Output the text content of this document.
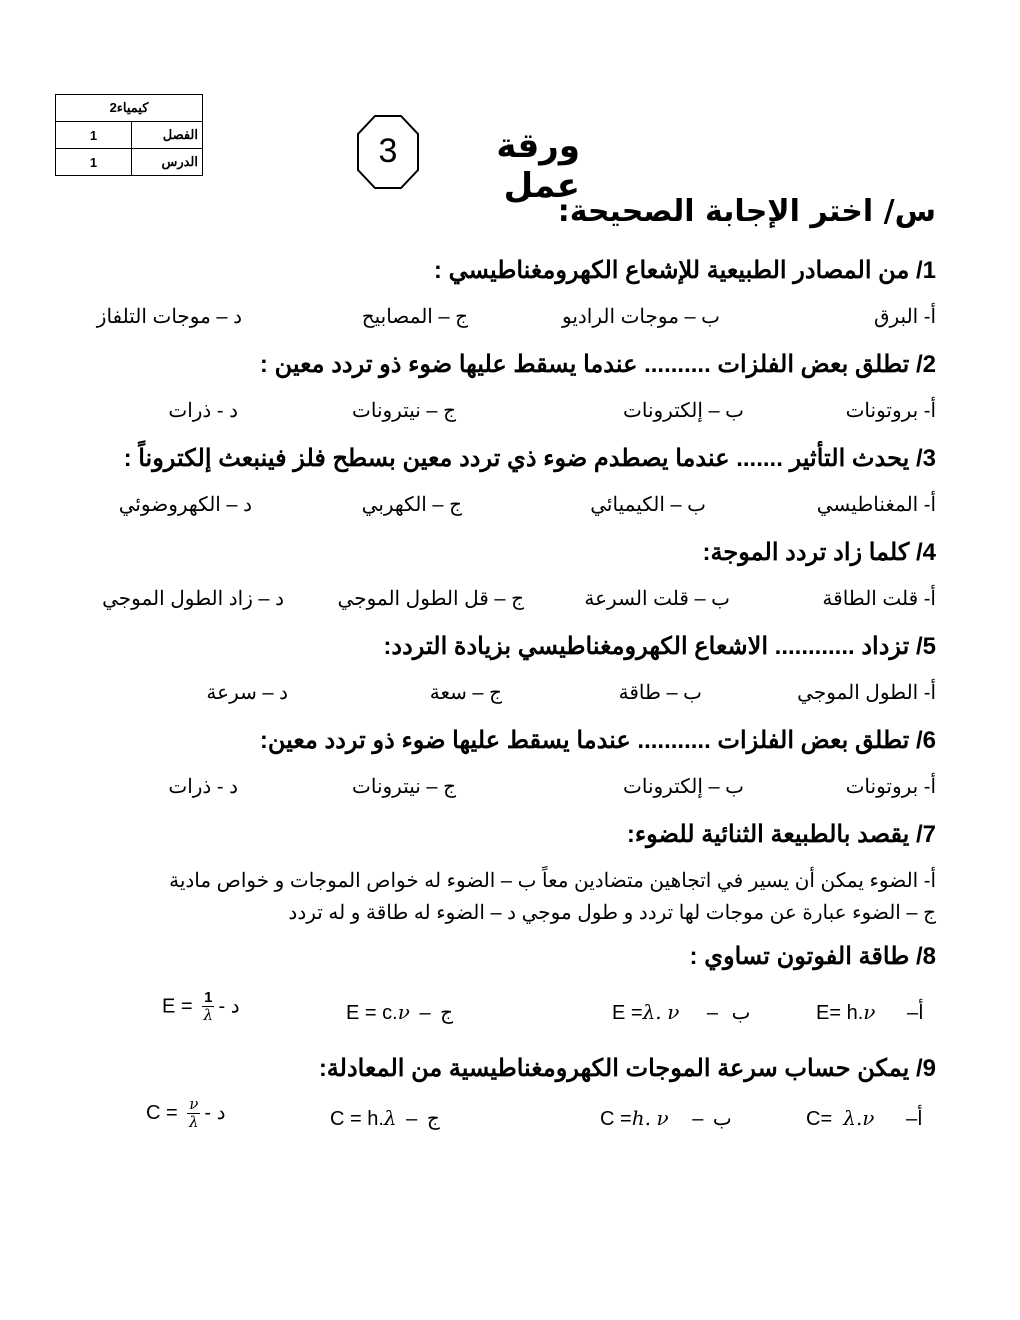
2كيمياء	
1	الفصل
1	الدرس	3	ورقة عمل
س/ اختر الإجابة الصحيحة:
1/ من المصادر الطبيعية للإشعاع الكهرومغناطيسي :
أ- البرق
ب – موجات الراديو
ج – المصابيح
د – موجات التلفاز
2/ تطلق بعض الفلزات .......... عندما يسقط عليها ضوء ذو تردد معين :
أ- بروتونات
ب – إلكترونات
ج – نيترونات
د - ذرات
3/ يحدث التأثير ....... عندما يصطدم ضوء ذي تردد معين بسطح فلز فينبعث إلكتروناً :
أ- المغناطيسي
ب – الكيميائي
ج – الكهربي
د – الكهروضوئي
4/ كلما زاد تردد الموجة:
أ- قلت الطاقة
ب – قلت السرعة
ج – قل الطول الموجي
د – زاد الطول الموجي
5/ تزداد ............ الاشعاع الكهرومغناطيسي بزيادة التردد:
أ- الطول الموجي
ب – طاقة
ج – سعة
د – سرعة
6/ تطلق بعض الفلزات ........... عندما يسقط عليها ضوء ذو تردد معين:
أ- بروتونات
ب – إلكترونات
ج – نيترونات
د - ذرات
7/ يقصد بالطبيعة الثنائية للضوء:
أ- الضوء يمكن أن يسير في اتجاهين متضادين معاً ب – الضوء له خواص الموجات و خواص مادية
ج – الضوء عبارة عن موجات لها تردد و طول موجي د – الضوء له طاقة و له تردد
8/ طاقة الفوتون تساوي :
E= h.ν –أ
E =λ. ν – ب
E = c.ν – ج
$E = \frac{1}{\lambda}$ - د
9/ يمكن حساب سرعة الموجات الكهرومغناطيسية من المعادلة:
C= λ.ν –أ
C =h. ν – ب
C = h.λ – ج
$C = \frac{\nu}{\lambda}$ - د
